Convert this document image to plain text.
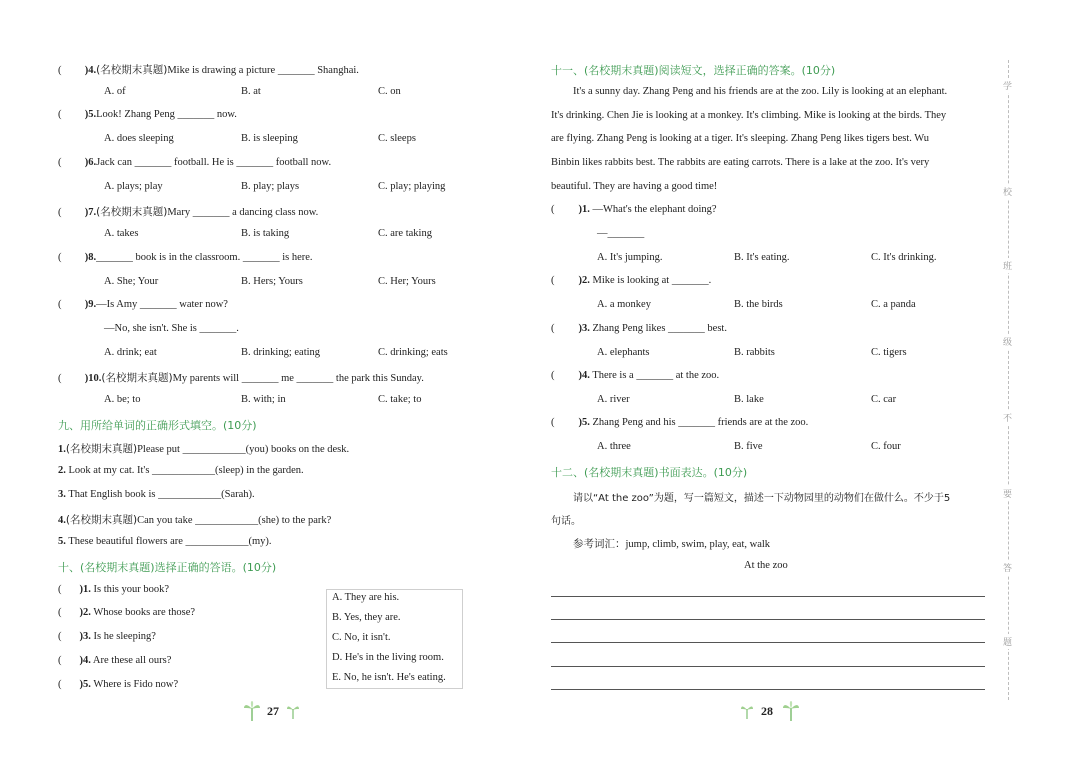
( )4.(名校期末真题)Mike is drawing a picture _______ Shanghai.
A. of	B. at	C. on
( )5.Look! Zhang Peng _______ now.
A. does sleeping	B. is sleeping	C. sleeps
( )6.Jack can _______ football. He is _______ football now.
A. plays; play	B. play; plays	C. play; playing
( )7.(名校期末真题)Mary _______ a dancing class now.
A. takes	B. is taking	C. are taking
( )8._______ book is in the classroom. _______ is here.
A. She; Your	B. Hers; Yours	C. Her; Yours
( )9.—Is Amy _______ water now?
—No, she isn't. She is _______.
A. drink; eat	B. drinking; eating	C. drinking; eats
( )10.(名校期末真题)My parents will _______ me _______ the park this Sunday.
A. be; to	B. with; in	C. take; to
九、用所给单词的正确形式填空。(10分)
1.(名校期末真题)Please put ____________(you) books on the desk.
2. Look at my cat. It's ____________(sleep) in the garden.
3. That English book is ____________(Sarah).
4.(名校期末真题)Can you take ____________(she) to the park?
5. These beautiful flowers are ____________(my).
十、(名校期末真题)选择正确的答语。(10分)
( )1. Is this your book?
( )2. Whose books are those?
( )3. Is he sleeping?
( )4. Are these all ours?
( )5. Where is Fido now?
A. They are his.
B. Yes, they are.
C. No, it isn't.
D. He's in the living room.
E. No, he isn't. He's eating.
27
十一、(名校期末真题)阅读短文，选择正确的答案。(10分)
It's a sunny day. Zhang Peng and his friends are at the zoo. Lily is looking at an elephant.
It's drinking. Chen Jie is looking at a monkey. It's climbing. Mike is looking at the birds. They
are flying. Zhang Peng is looking at a tiger. It's sleeping. Zhang Peng likes tigers best. Wu
Binbin likes rabbits best. The rabbits are eating carrots. There is a lake at the zoo. It's very
beautiful. They are having a good time!
( )1. —What's the elephant doing?
—_______
A. It's jumping.	B. It's eating.	C. It's drinking.
( )2. Mike is looking at _______.
A. a monkey	B. the birds	C. a panda
( )3. Zhang Peng likes _______ best.
A. elephants	B. rabbits	C. tigers
( )4. There is a _______ at the zoo.
A. river	B. lake	C. car
( )5. Zhang Peng and his _______ friends are at the zoo.
A. three	B. five	C. four
十二、(名校期末真题)书面表达。(10分)
请以“At the zoo”为题，写一篇短文，描述一下动物园里的动物们在做什么。不少于5
句话。
参考词汇：jump, climb, swim, play, eat, walk
At the zoo
28
学
校
班
级
不
要
答
题
